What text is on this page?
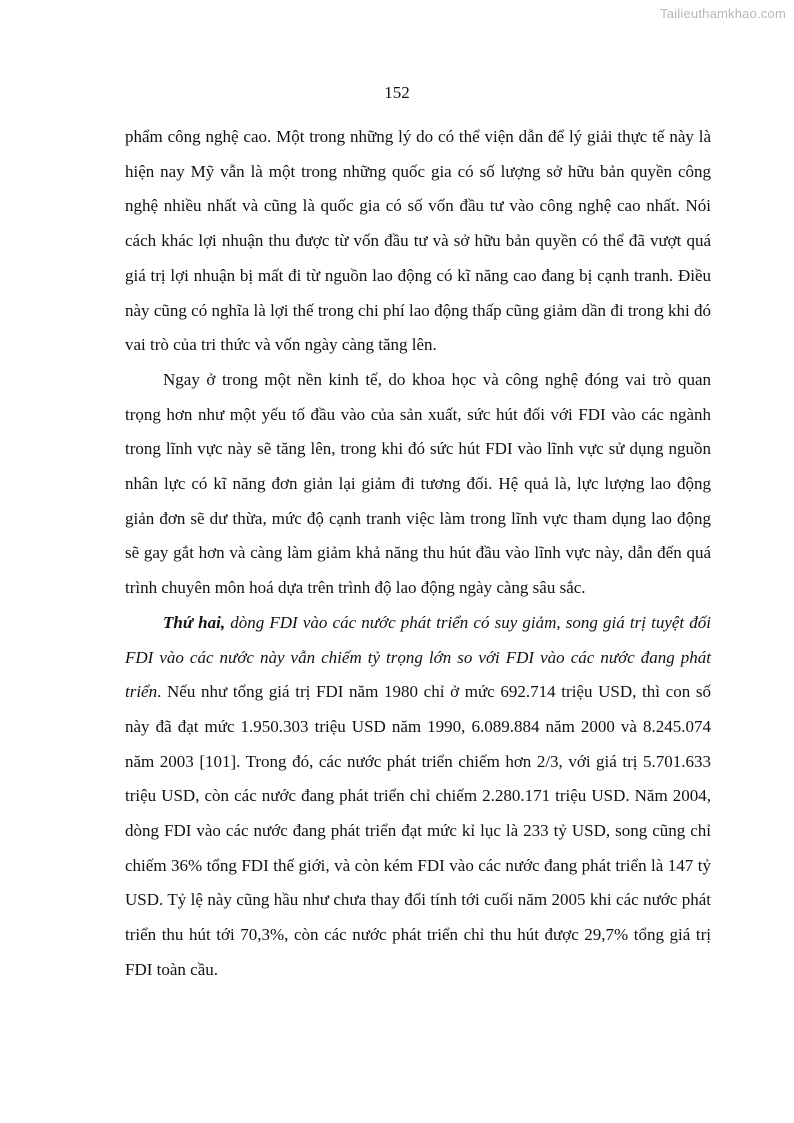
Tailieuthamkhao.com
152

phẩm công nghệ cao. Một trong những lý do có thể viện dẫn để lý giải thực tế này là hiện nay Mỹ vẫn là một trong những quốc gia có số lượng sở hữu bản quyền công nghệ nhiều nhất và cũng là quốc gia có số vốn đầu tư vào công nghệ cao nhất. Nói cách khác lợi nhuận thu được từ vốn đầu tư và sở hữu bản quyền có thể đã vượt quá giá trị lợi nhuận bị mất đi từ nguồn lao động có kĩ năng cao đang bị cạnh tranh. Điều này cũng có nghĩa là lợi thế trong chi phí lao động thấp cũng giảm dần đi trong khi đó vai trò của tri thức và vốn ngày càng tăng lên.

Ngay ở trong một nền kinh tế, do khoa học và công nghệ đóng vai trò quan trọng hơn như một yếu tố đầu vào của sản xuất, sức hút đối với FDI vào các ngành trong lĩnh vực này sẽ tăng lên, trong khi đó sức hút FDI vào lĩnh vực sử dụng nguồn nhân lực có kĩ năng đơn giản lại giảm đi tương đối. Hệ quả là, lực lượng lao động giản đơn sẽ dư thừa, mức độ cạnh tranh việc làm trong lĩnh vực tham dụng lao động sẽ gay gắt hơn và càng làm giảm khả năng thu hút đầu vào lĩnh vực này, dẫn đến quá trình chuyên môn hoá dựa trên trình độ lao động ngày càng sâu sắc.

Thứ hai, dòng FDI vào các nước phát triển có suy giảm, song giá trị tuyệt đối FDI vào các nước này vẫn chiếm tỷ trọng lớn so với FDI vào các nước đang phát triển. Nếu như tổng giá trị FDI năm 1980 chỉ ở mức 692.714 triệu USD, thì con số này đã đạt mức 1.950.303 triệu USD năm 1990, 6.089.884 năm 2000 và 8.245.074 năm 2003 [101]. Trong đó, các nước phát triển chiếm hơn 2/3, với giá trị 5.701.633 triệu USD, còn các nước đang phát triển chỉ chiếm 2.280.171 triệu USD. Năm 2004, dòng FDI vào các nước đang phát triển đạt mức kỉ lục là 233 tỷ USD, song cũng chỉ chiếm 36% tổng FDI thế giới, và còn kém FDI vào các nước đang phát triển là 147 tỷ USD. Tỷ lệ này cũng hầu như chưa thay đổi tính tới cuối năm 2005 khi các nước phát triển thu hút tới 70,3%, còn các nước phát triển chỉ thu hút được 29,7% tổng giá trị FDI toàn cầu.
